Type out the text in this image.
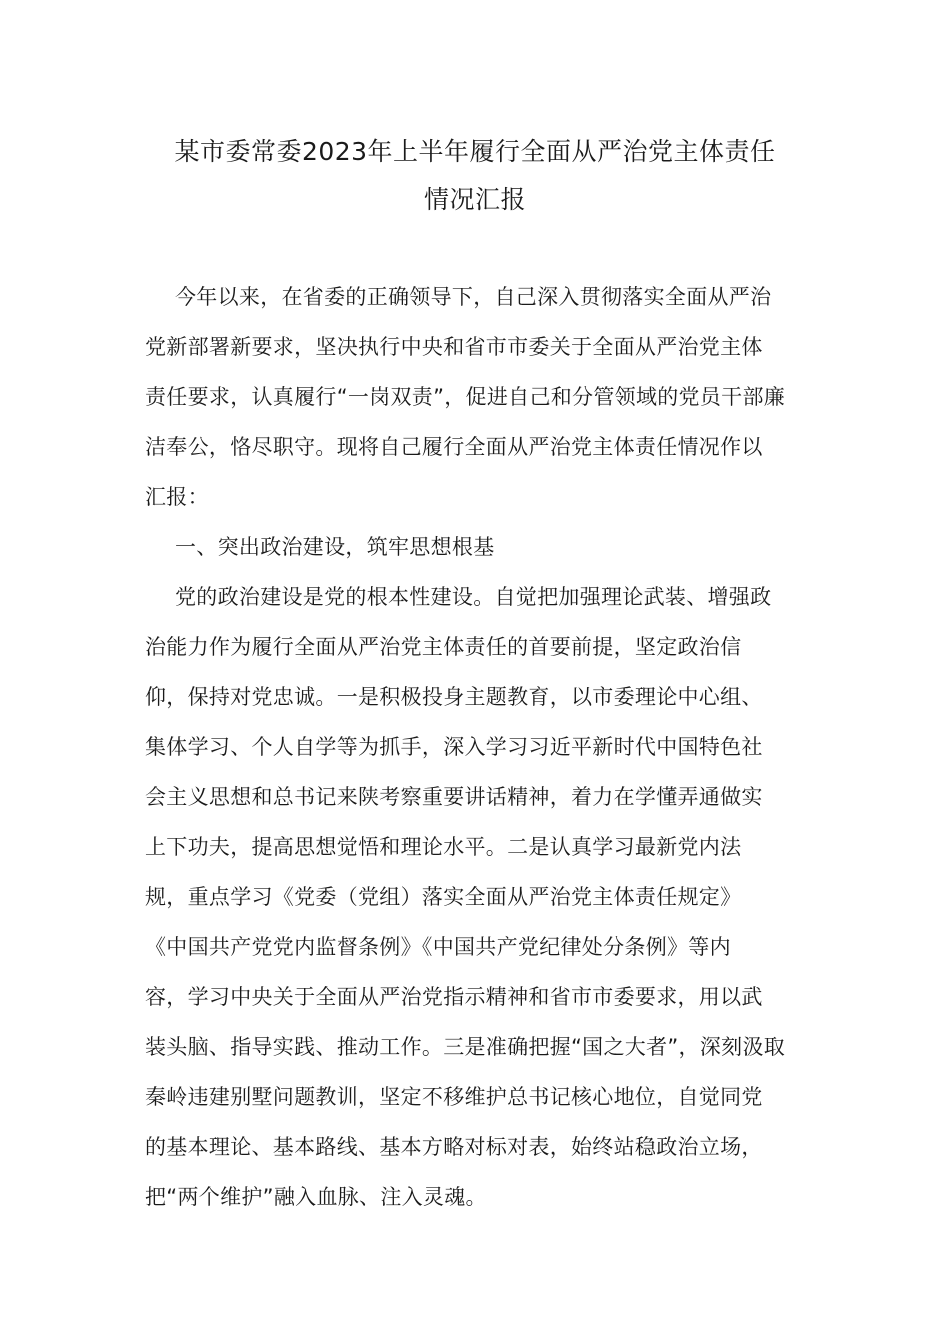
某市委常委2023年上半年履行全面从严治党主体责任
情况汇报
今年以来，在省委的正确领导下，自己深入贯彻落实全面从严治
党新部署新要求，坚决执行中央和省市市委关于全面从严治党主体
责任要求，认真履行“一岗双责”，促进自己和分管领域的党员干部廉
洁奉公，恪尽职守。现将自己履行全面从严治党主体责任情况作以
汇报：
一、突出政治建设，筑牢思想根基
党的政治建设是党的根本性建设。自觉把加强理论武装、增强政
治能力作为履行全面从严治党主体责任的首要前提，坚定政治信
仰，保持对党忠诚。一是积极投身主题教育，以市委理论中心组、
集体学习、个人自学等为抓手，深入学习习近平新时代中国特色社
会主义思想和总书记来陕考察重要讲话精神，着力在学懂弄通做实
上下功夫，提高思想觉悟和理论水平。二是认真学习最新党内法
规，重点学习《党委（党组）落实全面从严治党主体责任规定》
《中国共产党党内监督条例》《中国共产党纪律处分条例》等内
容，学习中央关于全面从严治党指示精神和省市市委要求，用以武
装头脑、指导实践、推动工作。三是准确把握“国之大者”，深刻汲取
秦岭违建别墅问题教训，坚定不移维护总书记核心地位，自觉同党
的基本理论、基本路线、基本方略对标对表，始终站稳政治立场，
把“两个维护”融入血脉、注入灵魂。
